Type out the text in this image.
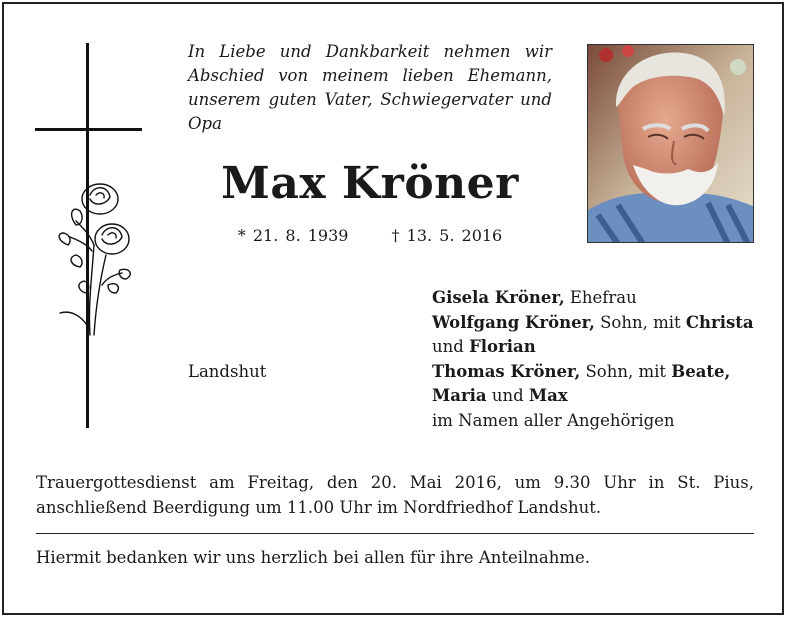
In Liebe und Dankbarkeit nehmen wir Abschied von meinem lieben Ehemann, unserem guten Vater, Schwiegervater und Opa
Max Kröner
* 21. 8. 1939	† 13. 5. 2016
Landshut
Gisela Kröner, Ehefrau
Wolfgang Kröner, Sohn, mit Christa
und Florian
Thomas Kröner, Sohn, mit Beate,
Maria und Max
im Namen aller Angehörigen
Trauergottesdienst am Freitag, den 20. Mai 2016, um 9.30 Uhr in St. Pius, anschließend Beerdigung um 11.00 Uhr im Nordfriedhof Landshut.
Hiermit bedanken wir uns herzlich bei allen für ihre Anteilnahme.
